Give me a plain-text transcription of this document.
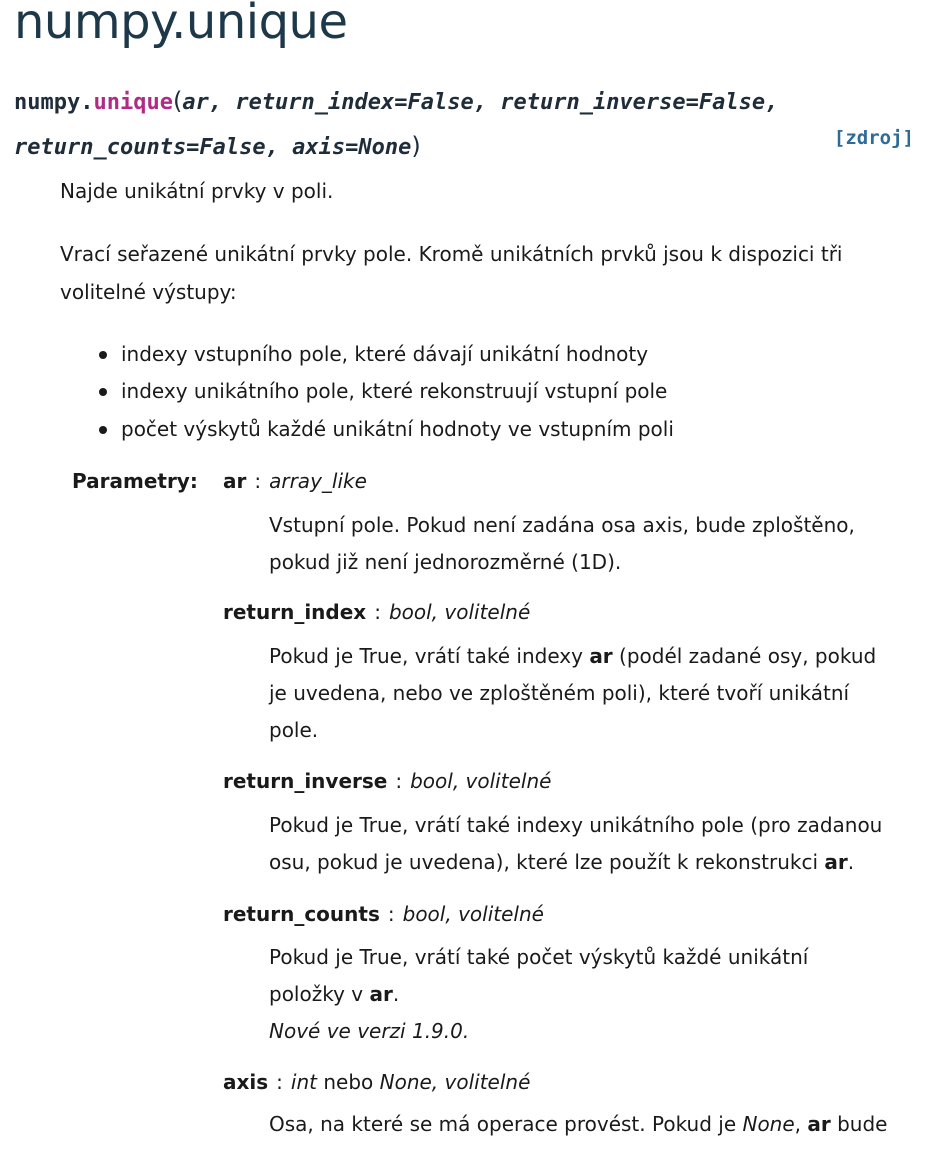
numpy.unique
numpy.unique(ar, return_index=False, return_inverse=False,
return_counts=False, axis=None)	[zdroj]

Najde unikátní prvky v poli.

Vrací seřazené unikátní prvky pole. Kromě unikátních prvků jsou k dispozici tři

volitelné výstupy:

indexy vstupního pole, které dávají unikátní hodnoty

indexy unikátního pole, které rekonstruují vstupní pole

počet výskytů každé unikátní hodnoty ve vstupním poli

Parametry: ar : array_like

Vstupní pole. Pokud není zadána osa axis, bude zploštěno,

pokud již není jednorozměrné (1D).

return_index : bool, volitelné

Pokud je True, vrátí také indexy ar (podél zadané osy, pokud

je uvedena, nebo ve zploštěném poli), které tvoří unikátní

pole.

return_inverse : bool, volitelné

Pokud je True, vrátí také indexy unikátního pole (pro zadanou

osu, pokud je uvedena), které lze použít k rekonstrukci ar.

return_counts : bool, volitelné

Pokud je True, vrátí také počet výskytů každé unikátní

položky v ar.

Nové ve verzi 1.9.0.

axis : int nebo None, volitelné

Osa, na které se má operace provést. Pokud je None, ar bude
